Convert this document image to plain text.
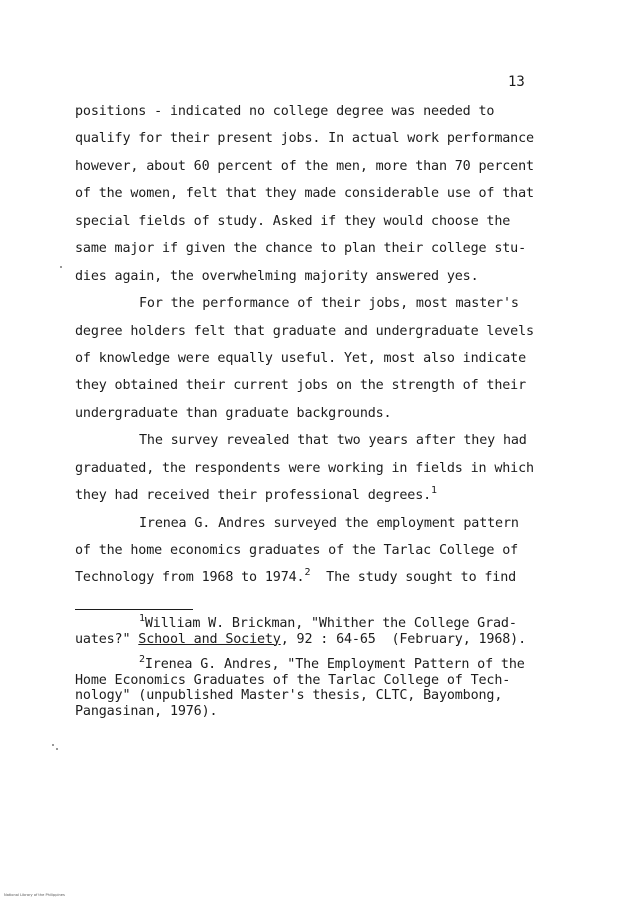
13
positions - indicated no college degree was needed to
qualify for their present jobs. In actual work performance
however, about 60 percent of the men, more than 70 percent
of the women, felt that they made considerable use of that
special fields of study. Asked if they would choose the
same major if given the chance to plan their college stu-
dies again, the overwhelming majority answered yes.
For the performance of their jobs, most master's
degree holders felt that graduate and undergraduate levels
of knowledge were equally useful. Yet, most also indicate
they obtained their current jobs on the strength of their
undergraduate than graduate backgrounds.
The survey revealed that two years after they had
graduated, the respondents were working in fields in which
they had received their professional degrees.$^1$
Irenea G. Andres surveyed the employment pattern
of the home economics graduates of the Tarlac College of
Technology from 1968 to 1974.$^2$  The study sought to find
$^1$William W. Brickman, "Whither the College Grad-
uates?" School and Society, 92 : 64-65  (February, 1968).
$^2$Irenea G. Andres, "The Employment Pattern of the
Home Economics Graduates of the Tarlac College of Tech-
nology" (unpublished Master's thesis, CLTC, Bayombong,
Pangasinan, 1976).
National Library of the Philippines
